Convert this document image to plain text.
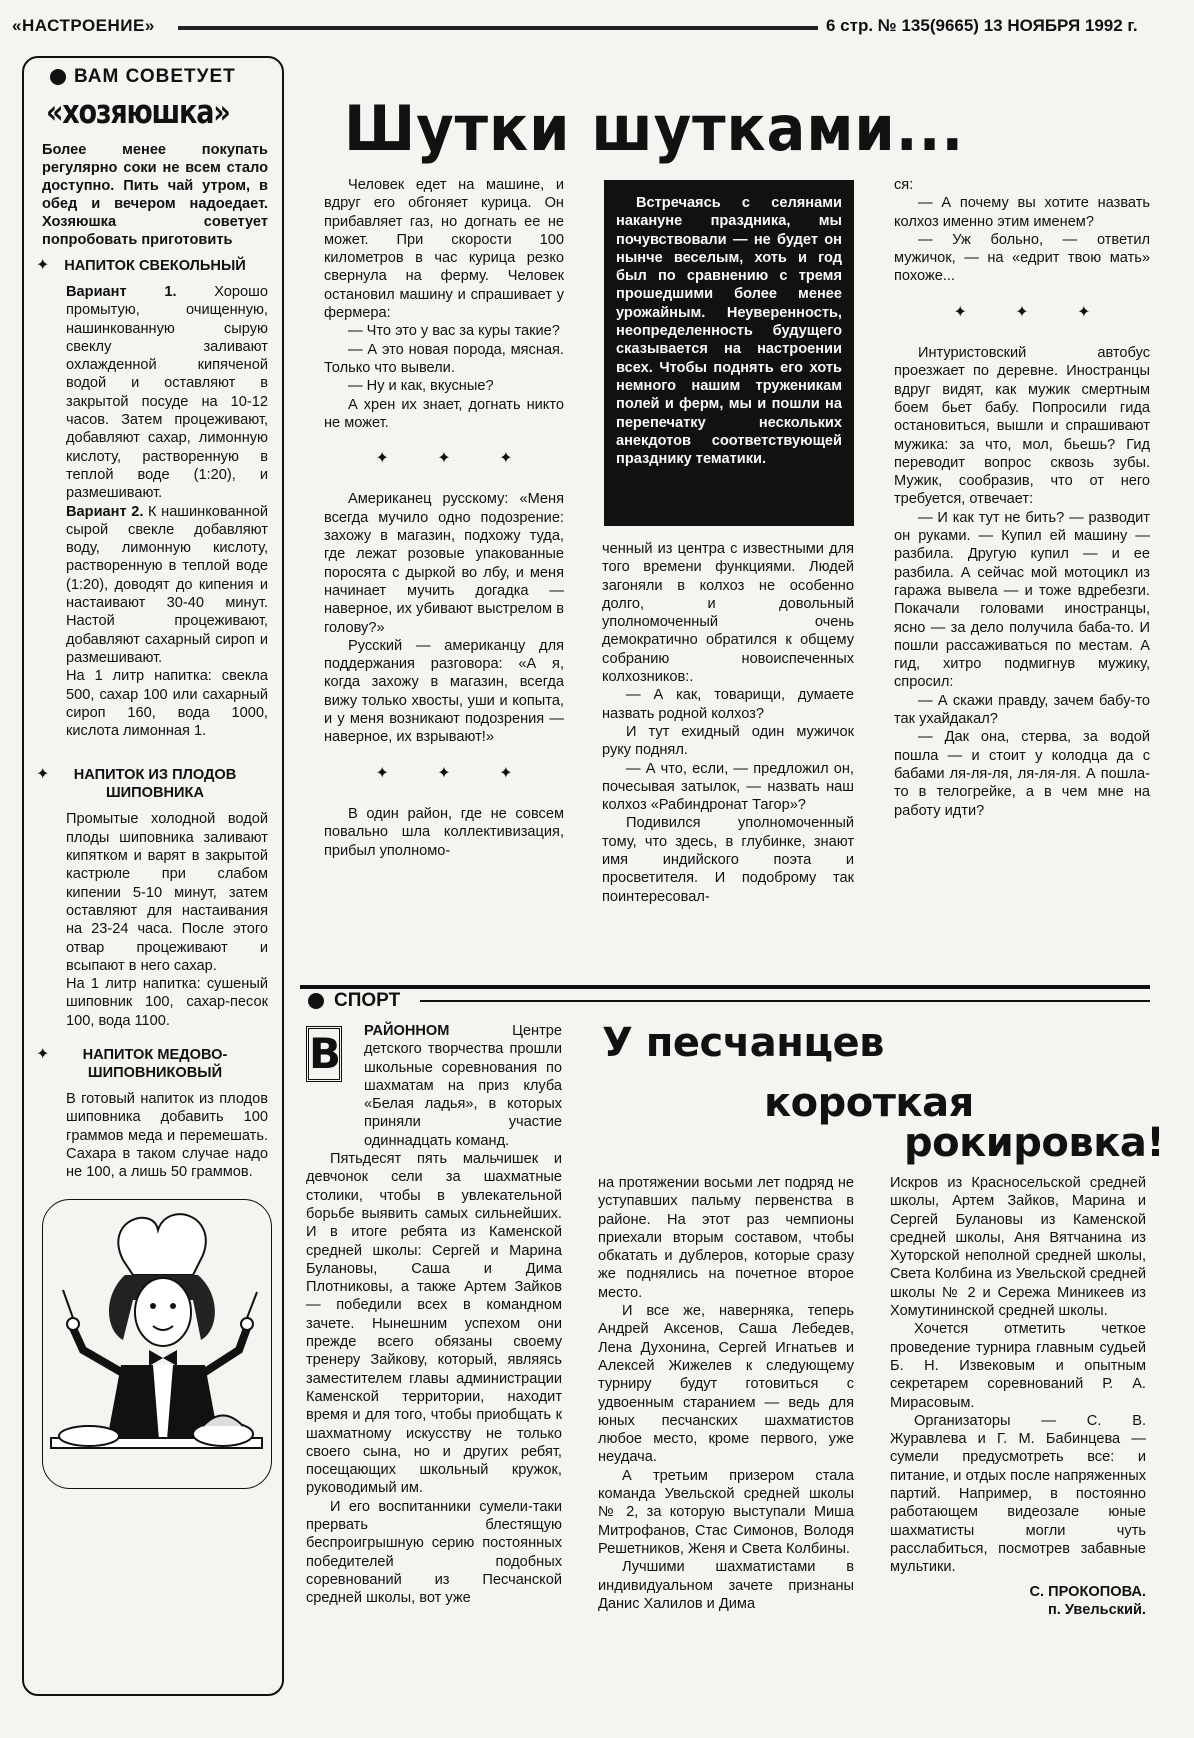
«НАСТРОЕНИЕ»	6 стр. № 135(9665) 13 НОЯБРЯ 1992 г.
ВАМ СОВЕТУЕТ
«хозяюшка»

Более менее покупать регулярно соки не всем стало доступно. Пить чай утром, в обед и вечером надоедает. Хозяюшка советует попробовать приготовить

✦ НАПИТОК СВЕКОЛЬНЫЙ

Вариант 1. Хорошо промытую, очищенную, нашинкованную сырую свеклу заливают охлажденной кипяченой водой и оставляют в закрытой посуде на 10-12 часов. Затем процеживают, добавляют сахар, лимонную кислоту, растворенную в теплой воде (1:20), и размешивают.

Вариант 2. К нашинкованной сырой свекле добавляют воду, лимонную кислоту, растворенную в теплой воде (1:20), доводят до кипения и настаивают 30-40 минут. Настой процеживают, добавляют сахарный сироп и размешивают.

На 1 литр напитка: свекла 500, сахар 100 или сахарный сироп 160, вода 1000, кислота лимонная 1.

✦ НАПИТОК ИЗ ПЛОДОВ ШИПОВНИКА

Промытые холодной водой плоды шиповника заливают кипятком и варят в закрытой кастрюле при слабом кипении 5-10 минут, затем оставляют для настаивания на 23-24 часа. После этого отвар процеживают и всыпают в него сахар.

На 1 литр напитка: сушеный шиповник 100, сахар-песок 100, вода 1100.

✦ НАПИТОК МЕДОВО-ШИПОВНИКОВЫЙ

В готовый напиток из плодов шиповника добавить 100 граммов меда и перемешать. Сахара в таком случае надо не 100, а лишь 50 граммов.

Шутки шутками...

Человек едет на машине, и вдруг его обгоняет курица. Он прибавляет газ, но догнать ее не может. При скорости 100 километров в час курица резко свернула на ферму. Человек остановил машину и спрашивает у фермера:

— Что это у вас за куры такие?

— А это новая порода, мясная. Только что вывели.

— Ну и как, вкусные?

А хрен их знает, догнать никто не может.

✦ ✦ ✦

Американец русскому: «Меня всегда мучило одно подозрение: захожу в магазин, подхожу туда, где лежат розовые упакованные поросята с дыркой во лбу, и меня начинает мучить догадка — наверное, их убивают выстрелом в голову?»

Русский — американцу для поддержания разговора: «А я, когда захожу в магазин, всегда вижу только хвосты, уши и копыта, и у меня возникают подозрения — наверное, их взрывают!»

✦ ✦ ✦

В один район, где не совсем повально шла коллективизация, прибыл уполномо-

Встречаясь с селянами накануне праздника, мы почувствовали — не будет он нынче веселым, хоть и год был по сравнению с тремя прошедшими более менее урожайным. Неуверенность, неопределенность будущего сказывается на настроении всех. Чтобы поднять его хоть немного нашим труженикам полей и ферм, мы и пошли на перепечатку нескольких анекдотов соответствующей празднику тематики.

ченный из центра с известными для того времени функциями. Людей загоняли в колхоз не особенно долго, и довольный уполномоченный очень демократично обратился к общему собранию новоиспеченных колхозников:.

— А как, товарищи, думаете назвать родной колхоз?

И тут ехидный один мужичок руку поднял.

— А что, если, — предложил он, почесывая затылок, — назвать наш колхоз «Рабиндронат Тагор»?

Подивился уполномоченный тому, что здесь, в глубинке, знают имя индийского поэта и просветителя. И подоброму так поинтересовал-

ся:

— А почему вы хотите назвать колхоз именно этим именем?

— Уж больно, — ответил мужичок, — на «едрит твою мать» похоже...

✦ ✦ ✦

Интуристовский автобус проезжает по деревне. Иностранцы вдруг видят, как мужик смертным боем бьет бабу. Попросили гида остановиться, вышли и спрашивают мужика: за что, мол, бьешь? Гид переводит вопрос сквозь зубы. Мужик, сообразив, что от него требуется, отвечает:

— И как тут не бить? — разводит он руками. — Купил ей машину — разбила. Другую купил — и ее разбила. А сейчас мой мотоцикл из гаража вывела — и тоже вдребезги. Покачали головами иностранцы, ясно — за дело получила баба-то. И пошли рассаживаться по местам. А гид, хитро подмигнув мужику, спросил:

— А скажи правду, зачем бабу-то так ухайдакал?

— Дак она, стерва, за водой пошла — и стоит у колодца да с бабами ля-ля-ля, ля-ля-ля. А пошла-то в телогрейке, а в чем мне на работу идти?

СПОРТ
У песчанцев
короткая
рокировка!
В РАЙОННОМ Центре детского творчества прошли школьные соревнования по шахматам на приз клуба «Белая ладья», в которых приняли участие одиннадцать команд.

Пятьдесят пять мальчишек и девчонок сели за шахматные столики, чтобы в увлекательной борьбе выявить самых сильнейших. И в итоге ребята из Каменской средней школы: Сергей и Марина Булановы, Саша и Дима Плотниковы, а также Артем Зайков — победили всех в командном зачете. Нынешним успехом они прежде всего обязаны своему тренеру Зайкову, который, являясь заместителем главы администрации Каменской территории, находит время и для того, чтобы приобщать к шахматному искусству не только своего сына, но и других ребят, посещающих школьный кружок, руководимый им.

И его воспитанники сумели-таки прервать блестящую беспроигрышную серию постоянных победителей подобных соревнований из Песчанской средней школы, вот уже

на протяжении восьми лет подряд не уступавших пальму первенства в районе. На этот раз чемпионы приехали вторым составом, чтобы обкатать и дублеров, которые сразу же поднялись на почетное второе место.

И все же, наверняка, теперь Андрей Аксенов, Саша Лебедев, Лена Духонина, Сергей Игнатьев и Алексей Жижелев к следующему турниру будут готовиться с удвоенным старанием — ведь для юных песчанских шахматистов любое место, кроме первого, уже неудача.

А третьим призером стала команда Увельской средней школы № 2, за которую выступали Миша Митрофанов, Стас Симонов, Володя Решетников, Женя и Света Колбины.

Лучшими шахматистами в индивидуальном зачете признаны Данис Халилов и Дима

Искров из Красносельской средней школы, Артем Зайков, Марина и Сергей Булановы из Каменской средней школы, Аня Вятчанина из Хуторской неполной средней школы, Света Колбина из Увельской средней школы № 2 и Сережа Миникеев из Хомутининской средней школы.

Хочется отметить четкое проведение турнира главным судьей Б. Н. Извековым и опытным секретарем соревнований Р. А. Мирасовым.

Организаторы — С. В. Журавлева и Г. М. Бабинцева — сумели предусмотреть все: и питание, и отдых после напряженных партий. Например, в постоянно работающем видеозале юные шахматисты могли чуть расслабиться, посмотрев забавные мультики.

С. ПРОКОПОВА.

п. Увельский.
